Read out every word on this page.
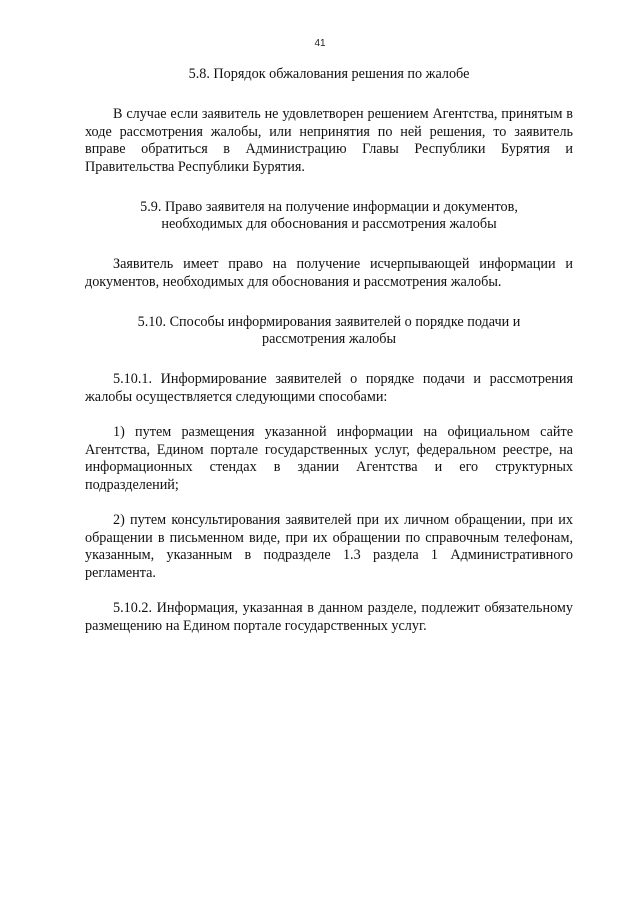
41

5.8. Порядок обжалования решения по жалобе

В случае если заявитель не удовлетворен решением Агентства, принятым в ходе рассмотрения жалобы, или непринятия по ней решения, то заявитель вправе обратиться в Администрацию Главы Республики Бурятия и Правительства Республики Бурятия.

5.9. Право заявителя на получение информации и документов,
необходимых для обоснования и рассмотрения жалобы

Заявитель имеет право на получение исчерпывающей информации и документов, необходимых для обоснования и рассмотрения жалобы.

5.10. Способы информирования заявителей о порядке подачи и
рассмотрения жалобы

5.10.1. Информирование заявителей о порядке подачи и рассмотрения жалобы осуществляется следующими способами:

1) путем размещения указанной информации на официальном сайте Агентства, Едином портале государственных услуг, федеральном реестре, на информационных стендах в здании Агентства и его структурных подразделений;

2) путем консультирования заявителей при их личном обращении, при их обращении в письменном виде, при их обращении по справочным телефонам, указанным, указанным в подразделе 1.3 раздела 1 Административного регламента.

5.10.2. Информация, указанная в данном разделе, подлежит обязательному размещению на Едином портале государственных услуг.
